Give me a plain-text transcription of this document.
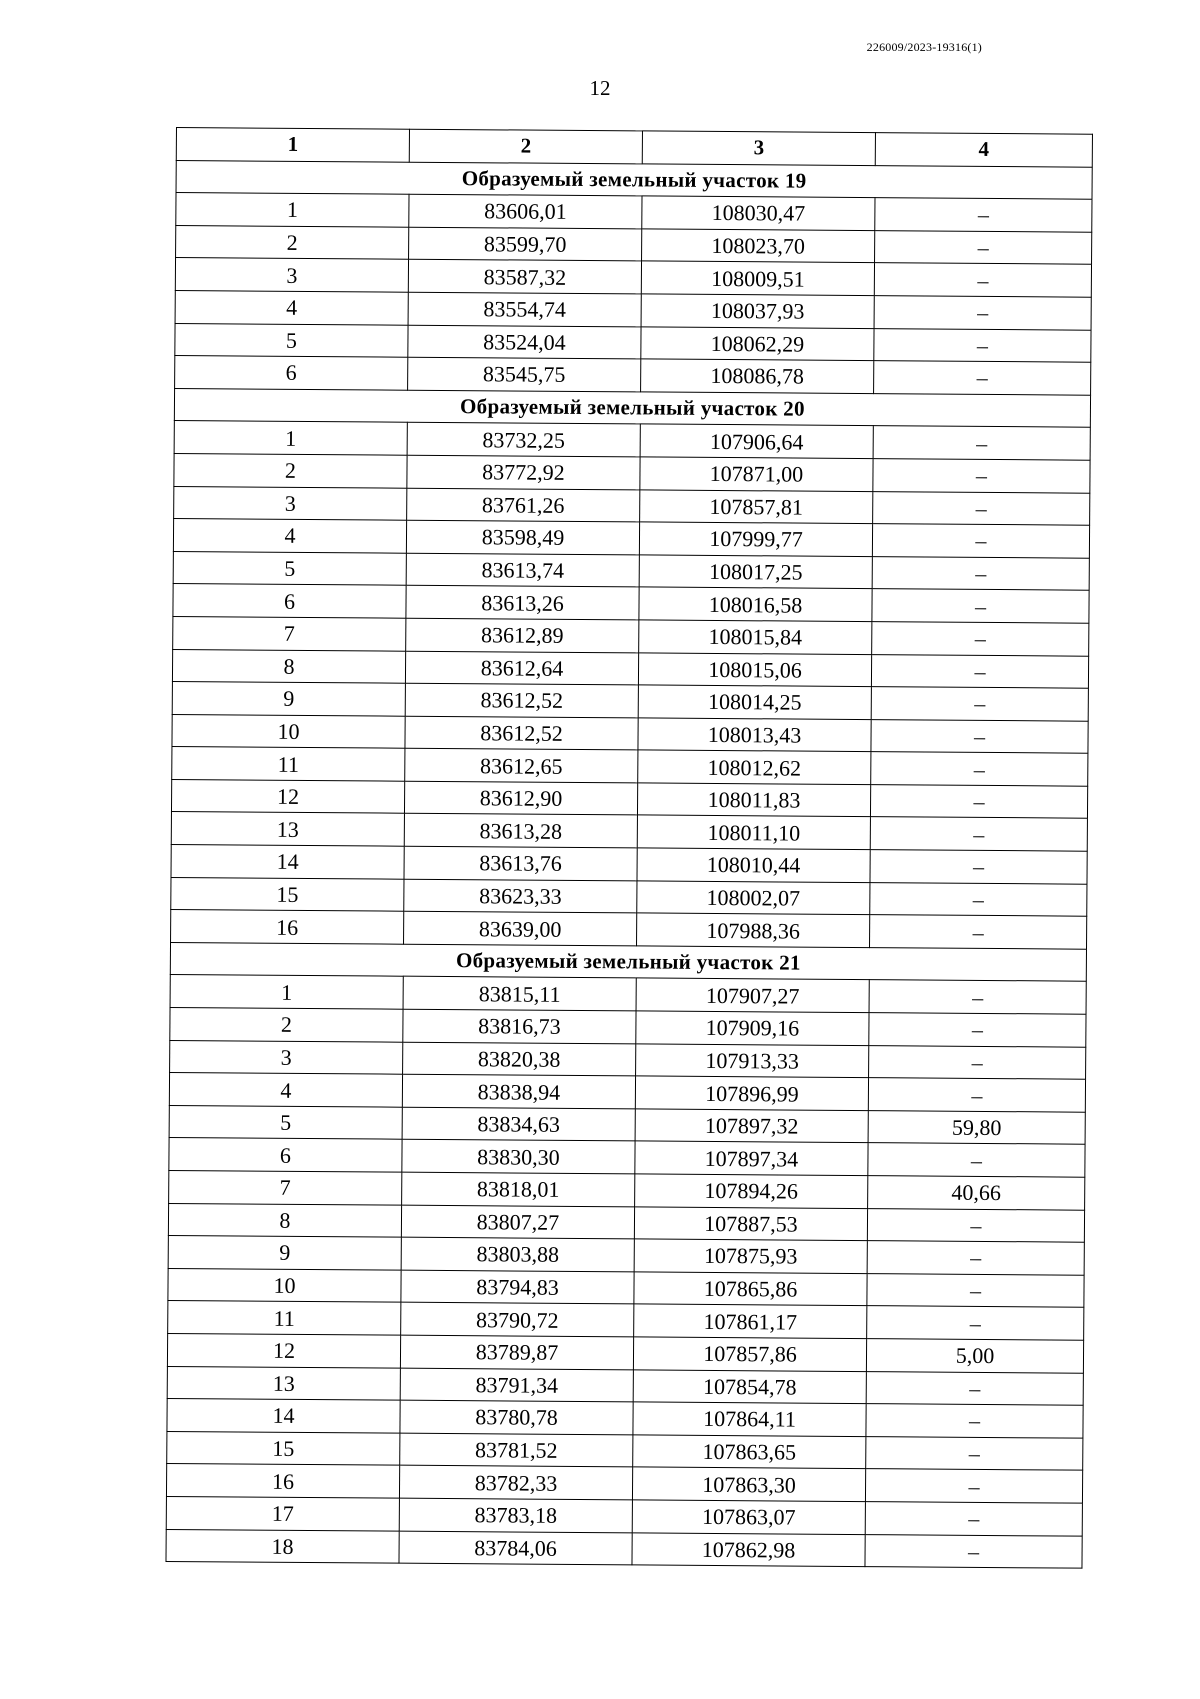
226009/2023-19316(1)
12
1	2	3	4
Образуемый земельный участок 19			
1	83606,01	108030,47	–
2	83599,70	108023,70	–
3	83587,32	108009,51	–
4	83554,74	108037,93	–
5	83524,04	108062,29	–
6	83545,75	108086,78	–
Образуемый земельный участок 20			
1	83732,25	107906,64	–
2	83772,92	107871,00	–
3	83761,26	107857,81	–
4	83598,49	107999,77	–
5	83613,74	108017,25	–
6	83613,26	108016,58	–
7	83612,89	108015,84	–
8	83612,64	108015,06	–
9	83612,52	108014,25	–
10	83612,52	108013,43	–
11	83612,65	108012,62	–
12	83612,90	108011,83	–
13	83613,28	108011,10	–
14	83613,76	108010,44	–
15	83623,33	108002,07	–
16	83639,00	107988,36	–
Образуемый земельный участок 21			
1	83815,11	107907,27	–
2	83816,73	107909,16	–
3	83820,38	107913,33	–
4	83838,94	107896,99	–
5	83834,63	107897,32	59,80
6	83830,30	107897,34	–
7	83818,01	107894,26	40,66
8	83807,27	107887,53	–
9	83803,88	107875,93	–
10	83794,83	107865,86	–
11	83790,72	107861,17	–
12	83789,87	107857,86	5,00
13	83791,34	107854,78	–
14	83780,78	107864,11	–
15	83781,52	107863,65	–
16	83782,33	107863,30	–
17	83783,18	107863,07	–
18	83784,06	107862,98	–
